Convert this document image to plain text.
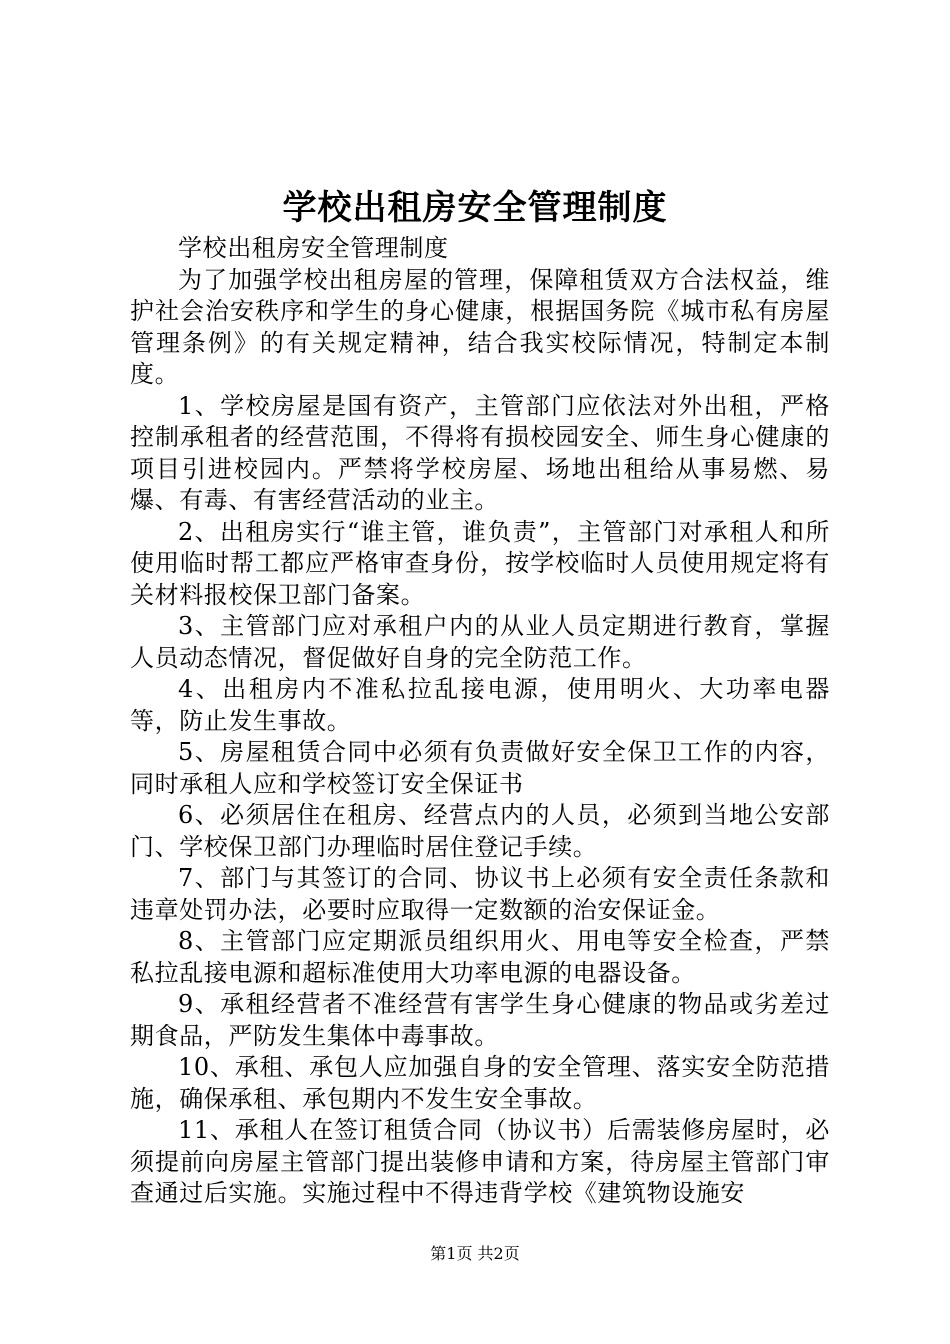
学校出租房安全管理制度

学校出租房安全管理制度

为了加强学校出租房屋的管理，保障租赁双方合法权益，维护社会治安秩序和学生的身心健康，根据国务院《城市私有房屋管理条例》的有关规定精神，结合我实校际情况，特制定本制度。

1、学校房屋是国有资产，主管部门应依法对外出租，严格控制承租者的经营范围，不得将有损校园安全、师生身心健康的项目引进校园内。严禁将学校房屋、场地出租给从事易燃、易爆、有毒、有害经营活动的业主。

2、出租房实行“谁主管，谁负责”，主管部门对承租人和所使用临时帮工都应严格审查身份，按学校临时人员使用规定将有关材料报校保卫部门备案。

3、主管部门应对承租户内的从业人员定期进行教育，掌握人员动态情况，督促做好自身的完全防范工作。

4、出租房内不准私拉乱接电源，使用明火、大功率电器等，防止发生事故。

5、房屋租赁合同中必须有负责做好安全保卫工作的内容，同时承租人应和学校签订安全保证书

6、必须居住在租房、经营点内的人员，必须到当地公安部门、学校保卫部门办理临时居住登记手续。

7、部门与其签订的合同、协议书上必须有安全责任条款和违章处罚办法，必要时应取得一定数额的治安保证金。

8、主管部门应定期派员组织用火、用电等安全检查，严禁私拉乱接电源和超标准使用大功率电源的电器设备。

9、承租经营者不准经营有害学生身心健康的物品或劣差过期食品，严防发生集体中毒事故。

10、承租、承包人应加强自身的安全管理、落实安全防范措施，确保承租、承包期内不发生安全事故。

11、承租人在签订租赁合同（协议书）后需装修房屋时，必须提前向房屋主管部门提出装修申请和方案，待房屋主管部门审查通过后实施。实施过程中不得违背学校《建筑物设施安

第1页 共2页
